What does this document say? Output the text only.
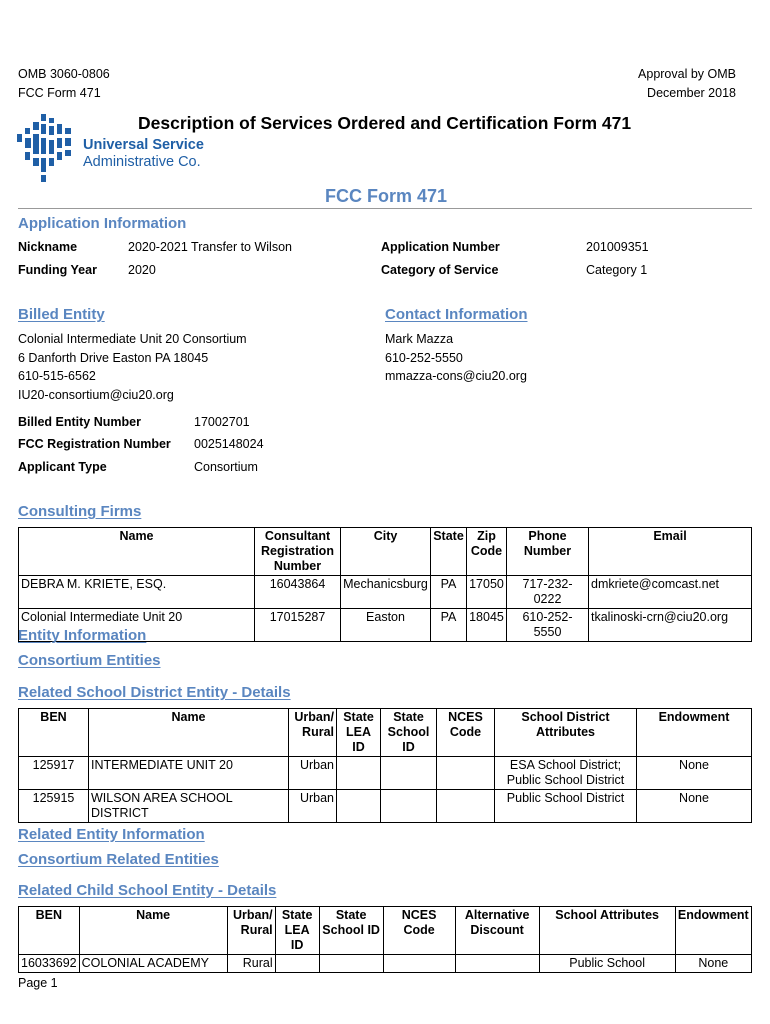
OMB 3060-0806
FCC Form 471
Approval by OMB
December 2018
Description of Services Ordered and Certification Form 471
Universal Service
Administrative Co.
FCC Form 471
Application Information
Nickname	2020-2021 Transfer to Wilson
Funding Year 2020
Application Number	201009351
Category of Service	Category 1
Billed Entity
Colonial Intermediate Unit 20 Consortium
6 Danforth Drive Easton PA 18045
610-515-6562
IU20-consortium@ciu20.org
Contact Information
Mark Mazza
610-252-5550
mmazza-cons@ciu20.org
Billed Entity Number	17002701
FCC Registration Number 0025148024
Applicant Type	Consortium
Consulting Firms
Name	Consultant Registration Number	City	State	Zip Code	Phone Number	Email
DEBRA M. KRIETE, ESQ.	16043864	Mechanicsburg	PA	17050	717-232-0222	dmkriete@comcast.net
Colonial Intermediate Unit 20	17015287	Easton	PA	18045	610-252-5550	tkalinoski-crn@ciu20.org
Entity Information
Consortium Entities
Related School District Entity - Details
BEN	Name	Urban/ Rural	State LEA ID	State School ID	NCES Code	School District Attributes	Endowment
125917	INTERMEDIATE UNIT 20	Urban				ESA School District; Public School District	None
125915	WILSON AREA SCHOOL DISTRICT	Urban				Public School District	None
Related Entity Information
Consortium Related Entities
Related Child School Entity - Details
BEN	Name	Urban/ Rural	State LEA ID	State School ID	NCES Code	Alternative Discount	School Attributes	Endowment
16033692	COLONIAL ACADEMY	Rural					Public School	None
Page 1
